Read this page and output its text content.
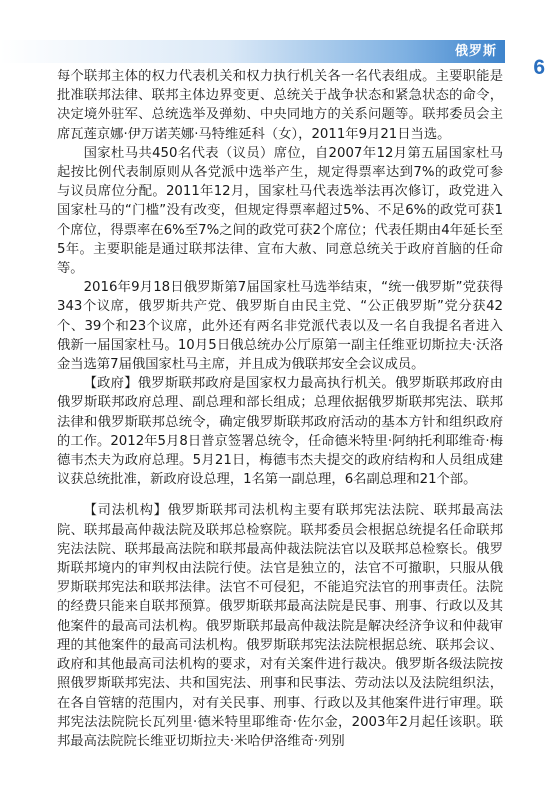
俄罗斯
6

每个联邦主体的权力代表机关和权力执行机关各一名代表组成。主要职能是批准联邦法律、联邦主体边界变更、总统关于战争状态和紧急状态的命令，决定境外驻军、总统选举及弹劾、中央同地方的关系问题等。联邦委员会主席瓦莲京娜·伊万诺芙娜·马特维延科（女），2011年9月21日当选。

国家杜马共450名代表（议员）席位，自2007年12月第五届国家杜马起按比例代表制原则从各党派中选举产生，规定得票率达到7%的政党可参与议员席位分配。2011年12月，国家杜马代表选举法再次修订，政党进入国家杜马的“门槛”没有改变，但规定得票率超过5%、不足6%的政党可获1个席位，得票率在6%至7%之间的政党可获2个席位；代表任期由4年延长至5年。主要职能是通过联邦法律、宣布大赦、同意总统关于政府首脑的任命等。

2016年9月18日俄罗斯第7届国家杜马选举结束，“统一俄罗斯”党获得343个议席，俄罗斯共产党、俄罗斯自由民主党、“公正俄罗斯”党分获42个、39个和23个议席，此外还有两名非党派代表以及一名自我提名者进入俄新一届国家杜马。10月5日俄总统办公厅原第一副主任维亚切斯拉夫·沃洛金当选第7届俄国家杜马主席，并且成为俄联邦安全会议成员。

【政府】俄罗斯联邦政府是国家权力最高执行机关。俄罗斯联邦政府由俄罗斯联邦政府总理、副总理和部长组成；总理依据俄罗斯联邦宪法、联邦法律和俄罗斯联邦总统令，确定俄罗斯联邦政府活动的基本方针和组织政府的工作。2012年5月8日普京签署总统令，任命德米特里·阿纳托利耶维奇·梅德韦杰夫为政府总理。5月21日，梅德韦杰夫提交的政府结构和人员组成建议获总统批准，新政府设总理，1名第一副总理，6名副总理和21个部。

【司法机构】俄罗斯联邦司法机构主要有联邦宪法法院、联邦最高法院、联邦最高仲裁法院及联邦总检察院。联邦委员会根据总统提名任命联邦宪法法院、联邦最高法院和联邦最高仲裁法院法官以及联邦总检察长。俄罗斯联邦境内的审判权由法院行使。法官是独立的，法官不可撤职，只服从俄罗斯联邦宪法和联邦法律。法官不可侵犯，不能追究法官的刑事责任。法院的经费只能来自联邦预算。俄罗斯联邦最高法院是民事、刑事、行政以及其他案件的最高司法机构。俄罗斯联邦最高仲裁法院是解决经济争议和仲裁审理的其他案件的最高司法机构。俄罗斯联邦宪法法院根据总统、联邦会议、政府和其他最高司法机构的要求，对有关案件进行裁决。俄罗斯各级法院按照俄罗斯联邦宪法、共和国宪法、刑事和民事法、劳动法以及法院组织法，在各自管辖的范围内，对有关民事、刑事、行政以及其他案件进行审理。联邦宪法法院院长瓦列里·德米特里耶维奇·佐尔金，2003年2月起任该职。联邦最高法院院长维亚切斯拉夫·米哈伊洛维奇·列别
